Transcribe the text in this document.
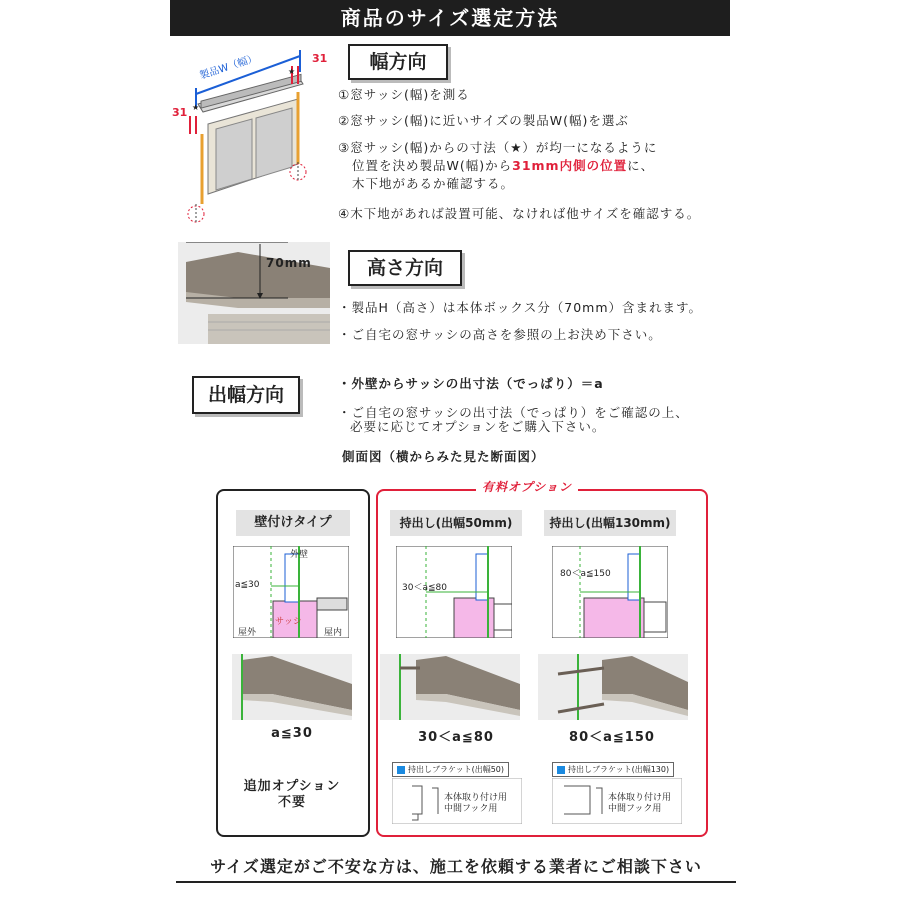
商品のサイズ選定方法
★
★
製品W（幅）	31
31
幅方向
①窓サッシ(幅)を測る
②窓サッシ(幅)に近いサイズの製品W(幅)を選ぶ
③窓サッシ(幅)からの寸法（★）が均一になるように
位置を決め製品W(幅)から31mm内側の位置に、
木下地があるか確認する。
④木下地があれば設置可能、なければ他サイズを確認する。
70mm	高さ方向
・製品H（高さ）は本体ボックス分（70mm）含まれます。
・ご自宅の窓サッシの高さを参照の上お決め下さい。
出幅方向
・外壁からサッシの出寸法（でっぱり）＝a
・ご自宅の窓サッシの出寸法（でっぱり）をご確認の上、
必要に応じてオプションをご購入下さい。
側面図（横からみた見た断面図）
壁付けタイプ
外壁
a≦30
サッシ
屋外	屋内
a≦30
追加オプション
不要
有料オプション
持出し(出幅50mm)
30＜a≦80
30＜a≦80
持出しブラケット(出幅50)
本体取り付け用
中間フック用
持出し(出幅130mm)
80＜a≦150
80＜a≦150
持出しブラケット(出幅130)
本体取り付け用
中間フック用
サイズ選定がご不安な方は、施工を依頼する業者にご相談下さい
